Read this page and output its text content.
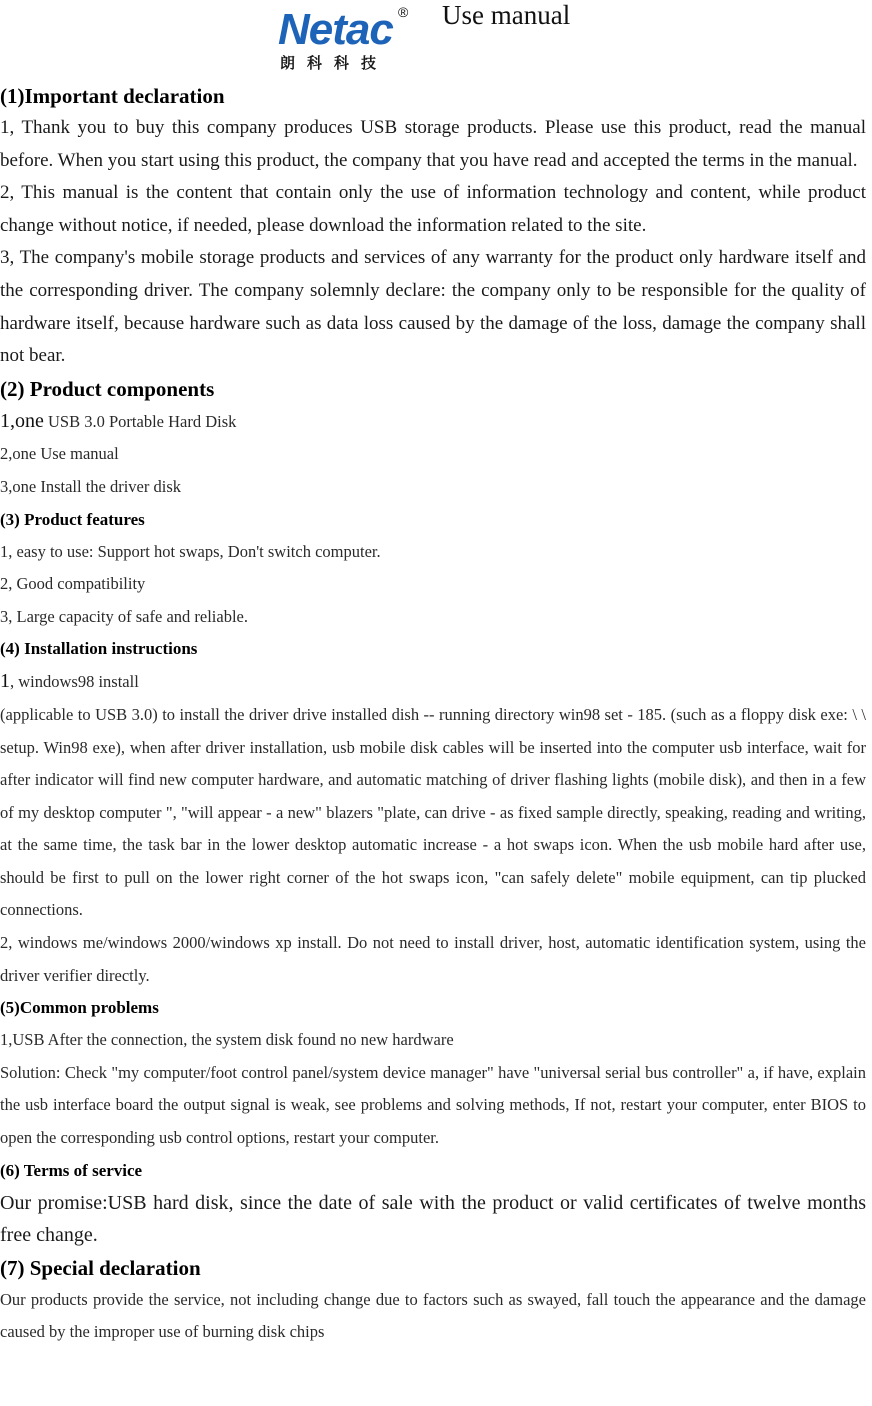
Netac ®
朗科科技
Use manual
(1)Important declaration

1, Thank you to buy this company produces USB storage products. Please use this product, read the manual before. When you start using this product, the company that you have read and accepted the terms in the manual.

2, This manual is the content that contain only the use of information technology and content, while product change without notice, if needed, please download the information related to the site.

3, The company's mobile storage products and services of any warranty for the product only hardware itself and the corresponding driver. The company solemnly declare: the company only to be responsible for the quality of hardware itself, because hardware such as data loss caused by the damage of the loss, damage the company shall not bear.

(2) Product components
1,one USB 3.0 Portable Hard Disk
2,one Use manual
3,one Install the driver disk
(3) Product features
1, easy to use: Support hot swaps, Don't switch computer.
2, Good compatibility
3, Large capacity of safe and reliable.
(4) Installation instructions
1, windows98 install

(applicable to USB 3.0) to install the driver drive installed dish -- running directory win98 set - 185. (such as a floppy disk exe: \ \ setup. Win98 exe), when after driver installation, usb mobile disk cables will be inserted into the computer usb interface, wait for after indicator will find new computer hardware, and automatic matching of driver flashing lights (mobile disk), and then in a few of my desktop computer ", "will appear - a new" blazers "plate, can drive - as fixed sample directly, speaking, reading and writing, at the same time, the task bar in the lower desktop automatic increase - a hot swaps icon. When the usb mobile hard after use, should be first to pull on the lower right corner of the hot swaps icon, "can safely delete" mobile equipment, can tip plucked connections.

2, windows me/windows 2000/windows xp install. Do not need to install driver, host, automatic identification system, using the driver verifier directly.

(5)Common problems
1,USB After the connection, the system disk found no new hardware

Solution: Check "my computer/foot control panel/system device manager" have "universal serial bus controller" a, if have, explain the usb interface board the output signal is weak, see problems and solving methods, If not, restart your computer, enter BIOS to open the corresponding usb control options, restart your computer.

(6) Terms of service

Our promise:USB hard disk, since the date of sale with the product or valid certificates of twelve months free change.

(7) Special declaration

Our products provide the service, not including change due to factors such as swayed, fall touch the appearance and the damage caused by the improper use of burning disk chips
